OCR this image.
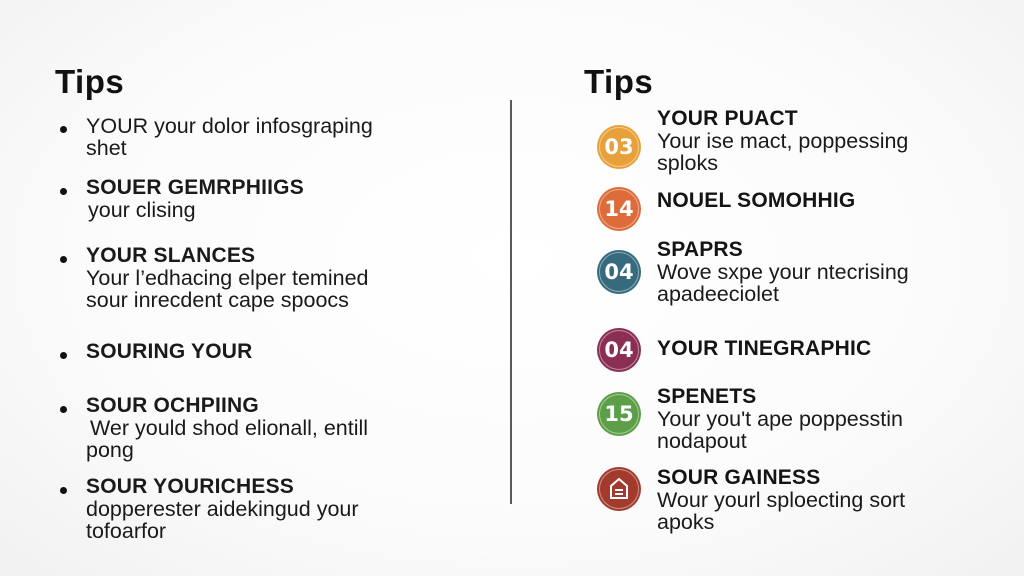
Tips	Tips
YOUR your dolor infosgraping
shet
SOUER GEMRPHIIGS
your clising
YOUR SLANCES
Your l’edhacing elper temined
sour inrecdent cape spoocs
SOURING YOUR
SOUR OCHPIING
Wer yould shod elionall, entill
pong
SOUR YOURICHESS
dopperester aidekingud your
tofoarfor
03
YOUR PUACT
Your ise mact, poppessing
sploks
14	NOUEL SOMOHHIG
04
SPAPRS
Wove sxpe your ntecrising
apadeeciolet
04	YOUR TINEGRAPHIC
15
SPENETS
Your you't ape poppesstin
nodapout
SOUR GAINESS
Wour yourl sploecting sort
apoks
